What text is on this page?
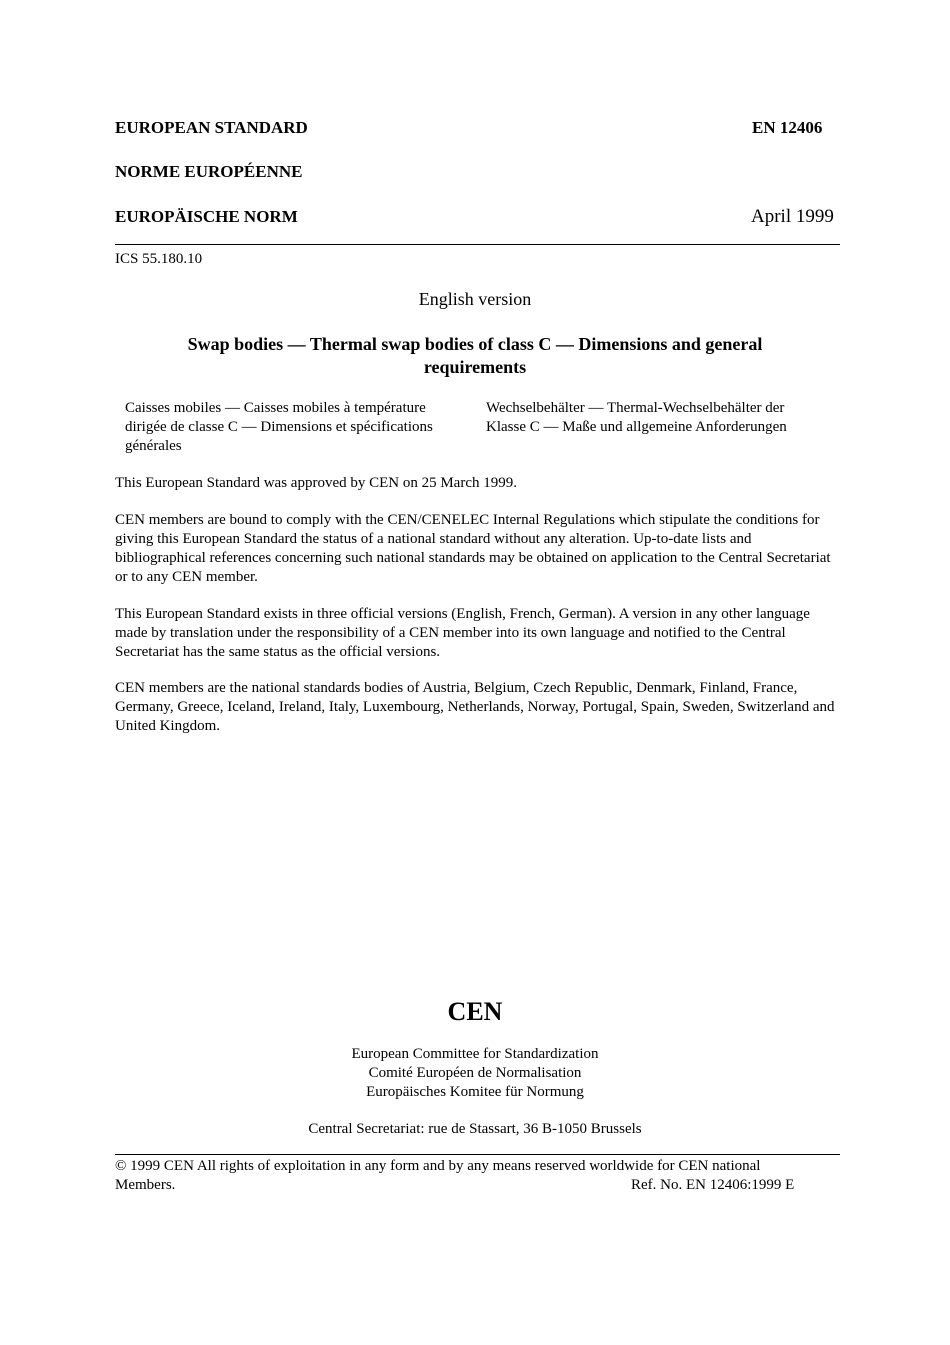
EUROPEAN STANDARD	EN 12406
NORME EUROPÉENNE
EUROPÄISCHE NORM	April 1999
ICS 55.180.10
English version
Swap bodies — Thermal swap bodies of class C — Dimensions and general
requirements
Caisses mobiles — Caisses mobiles à température
dirigée de classe C — Dimensions et spécifications
générales
Wechselbehälter — Thermal-Wechselbehälter der
Klasse C — Maße und allgemeine Anforderungen
This European Standard was approved by CEN on 25 March 1999.
CEN members are bound to comply with the CEN/CENELEC Internal Regulations which stipulate the conditions for giving this European Standard the status of a national standard without any alteration. Up-to-date lists and bibliographical references concerning such national standards may be obtained on application to the Central Secretariat or to any CEN member.
This European Standard exists in three official versions (English, French, German). A version in any other language made by translation under the responsibility of a CEN member into its own language and notified to the Central Secretariat has the same status as the official versions.
CEN members are the national standards bodies of Austria, Belgium, Czech Republic, Denmark, Finland, France, Germany, Greece, Iceland, Ireland, Italy, Luxembourg, Netherlands, Norway, Portugal, Spain, Sweden, Switzerland and United Kingdom.
CEN
European Committee for Standardization
Comité Européen de Normalisation
Europäisches Komitee für Normung
Central Secretariat: rue de Stassart, 36 B-1050 Brussels
© 1999 CEN All rights of exploitation in any form and by any means reserved worldwide for CEN national
Members.	Ref. No. EN 12406:1999 E
